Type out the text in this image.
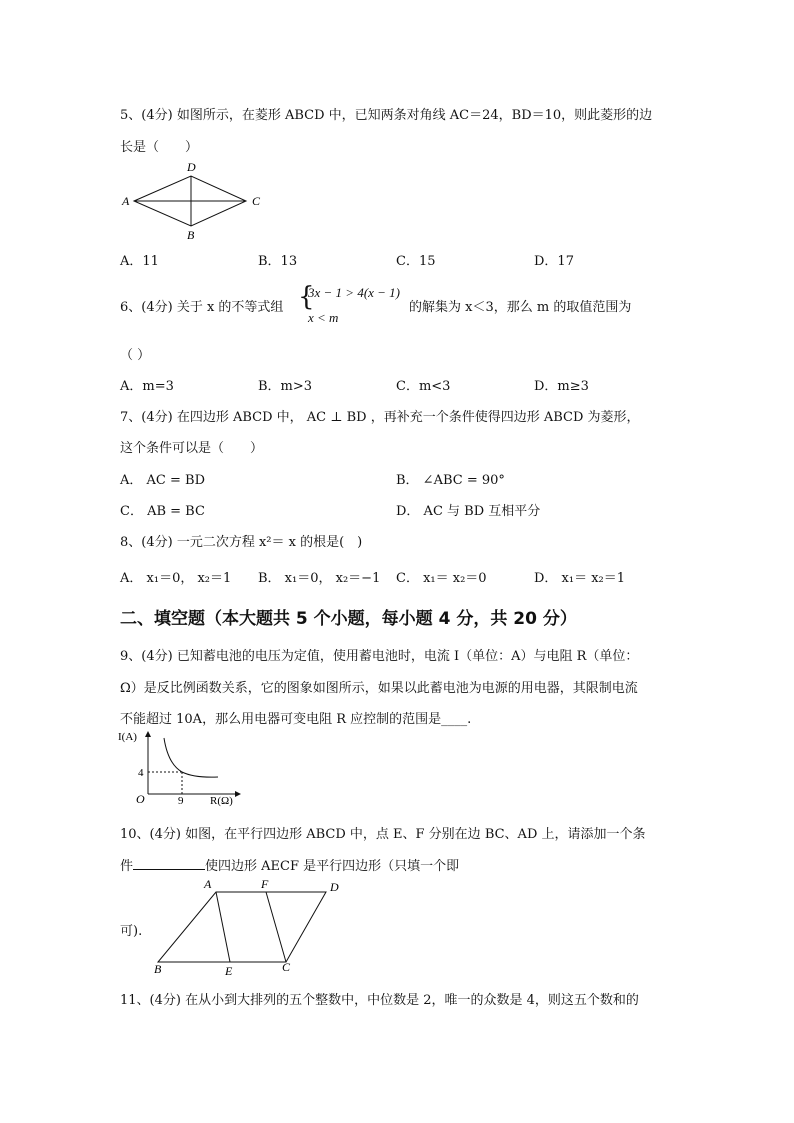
5、(4分) 如图所示，在菱形 ABCD 中，已知两条对角线 AC＝24，BD＝10，则此菱形的边
长是（　　）
A	C
D
B
A．11	B．13	C．15	D．17
6、(4分) 关于 x 的不等式组 {
3x − 1 > 4(x − 1)
x < m
的解集为 x＜3，那么 m 的取值范围为
（ ）
A．m=3	B．m>3	C．m<3	D．m≥3
7、(4分) 在四边形 ABCD 中， AC ⊥ BD ，再补充一个条件使得四边形 ABCD 为菱形，
这个条件可以是（　　）
A． AC = BD	B． ∠ABC = 90°
C． AB = BC	D． AC 与 BD 互相平分
8、(4分) 一元二次方程 x²＝ x 的根是(　)
A． x₁＝0， x₂＝1 B． x₁＝0， x₂＝−1 C． x₁＝ x₂＝0	D． x₁＝ x₂＝1
二、填空题（本大题共 5 个小题，每小题 4 分，共 20 分）
9、(4分) 已知蓄电池的电压为定值，使用蓄电池时，电流 I（单位：A）与电阻 R（单位：
Ω）是反比例函数关系，它的图象如图所示，如果以此蓄电池为电源的用电器，其限制电流
不能超过 10A，那么用电器可变电阻 R 应控制的范围是____.
I(A)
R(Ω)
O
4
9
10、(4分) 如图，在平行四边形 ABCD 中，点 E、F 分别在边 BC、AD 上，请添加一个条
件	使四边形 AECF 是平行四边形（只填一个即
A	F	D
B	E	C
可).
11、(4分) 在从小到大排列的五个整数中，中位数是 2，唯一的众数是 4，则这五个数和的
